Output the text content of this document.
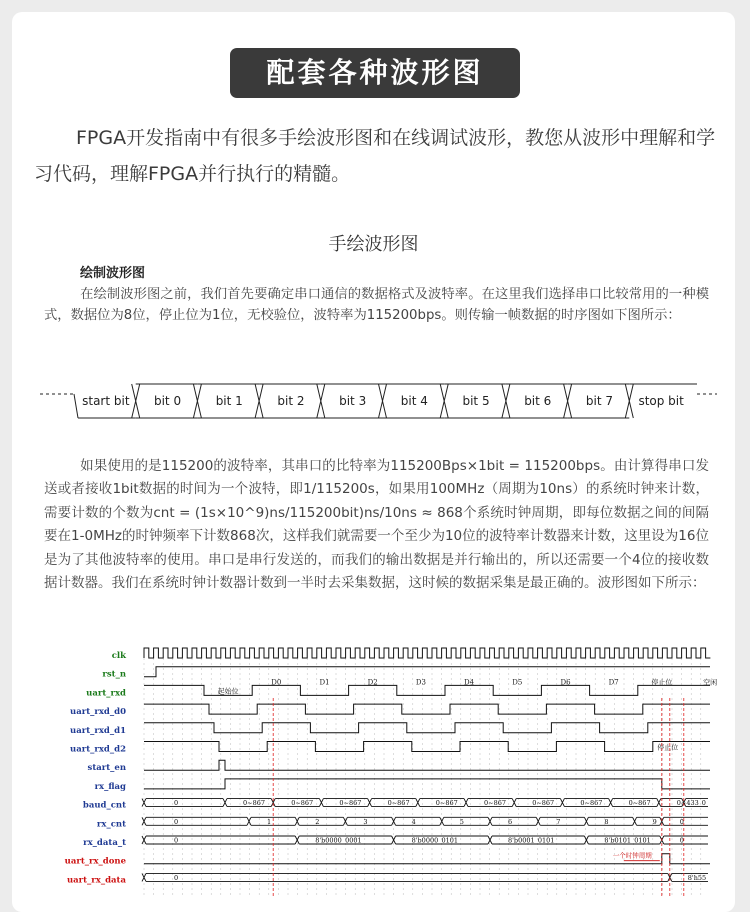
配套各种波形图
FPGA开发指南中有很多手绘波形图和在线调试波形，教您从波形中理解和学习代码，理解FPGA并行执行的精髓。
手绘波形图
绘制波形图
在绘制波形图之前，我们首先要确定串口通信的数据格式及波特率。在这里我们选择串口比较常用的一种模式，数据位为8位，停止位为1位，无校验位，波特率为115200bps。则传输一帧数据的时序图如下图所示：
start bit bit 0	bit 1	bit 2	bit 3	bit 4	bit 5	bit 6	bit 7 stop bit
如果使用的是115200的波特率，其串口的比特率为115200Bps×1bit = 115200bps。由计算得串口发送或者接收1bit数据的时间为一个波特，即1/115200s，如果用100MHz（周期为10ns）的系统时钟来计数，需要计数的个数为cnt = (1s×10^9)ns/115200bit)ns/10ns ≈ 868个系统时钟周期，即每位数据之间的间隔要在1-0MHz的时钟频率下计数868次，这样我们就需要一个至少为10位的波特率计数器来计数，这里设为16位是为了其他波特率的使用。串口是串行发送的，而我们的输出数据是并行输出的，所以还需要一个4位的接收数据计数器。我们在系统时钟计数器计数到一半时去采集数据，这时候的数据采集是最正确的。波形图如下所示：
clk
rst_n
uart_rxd
uart_rxd_d0
uart_rxd_d1
uart_rxd_d2
start_en
rx_flag
baud_cnt
rx_cnt
rx_data_t
uart_rx_done
uart_rx_data
起始位
D0	D1	D2	D3	D4	D5	D6	D7	停止位	空闲
停止位
0	0~867	0~867	0~867	0~867	0~867	0~867	0~867	0~867	0~867	0~433 0
0	1	2	3	4	5	6	7	8	9	0
0	8'b0000_0001	8'b0000_0101	8'b0001_0101	8'b0101_0101	0
一个时钟周期
0	8'h55
